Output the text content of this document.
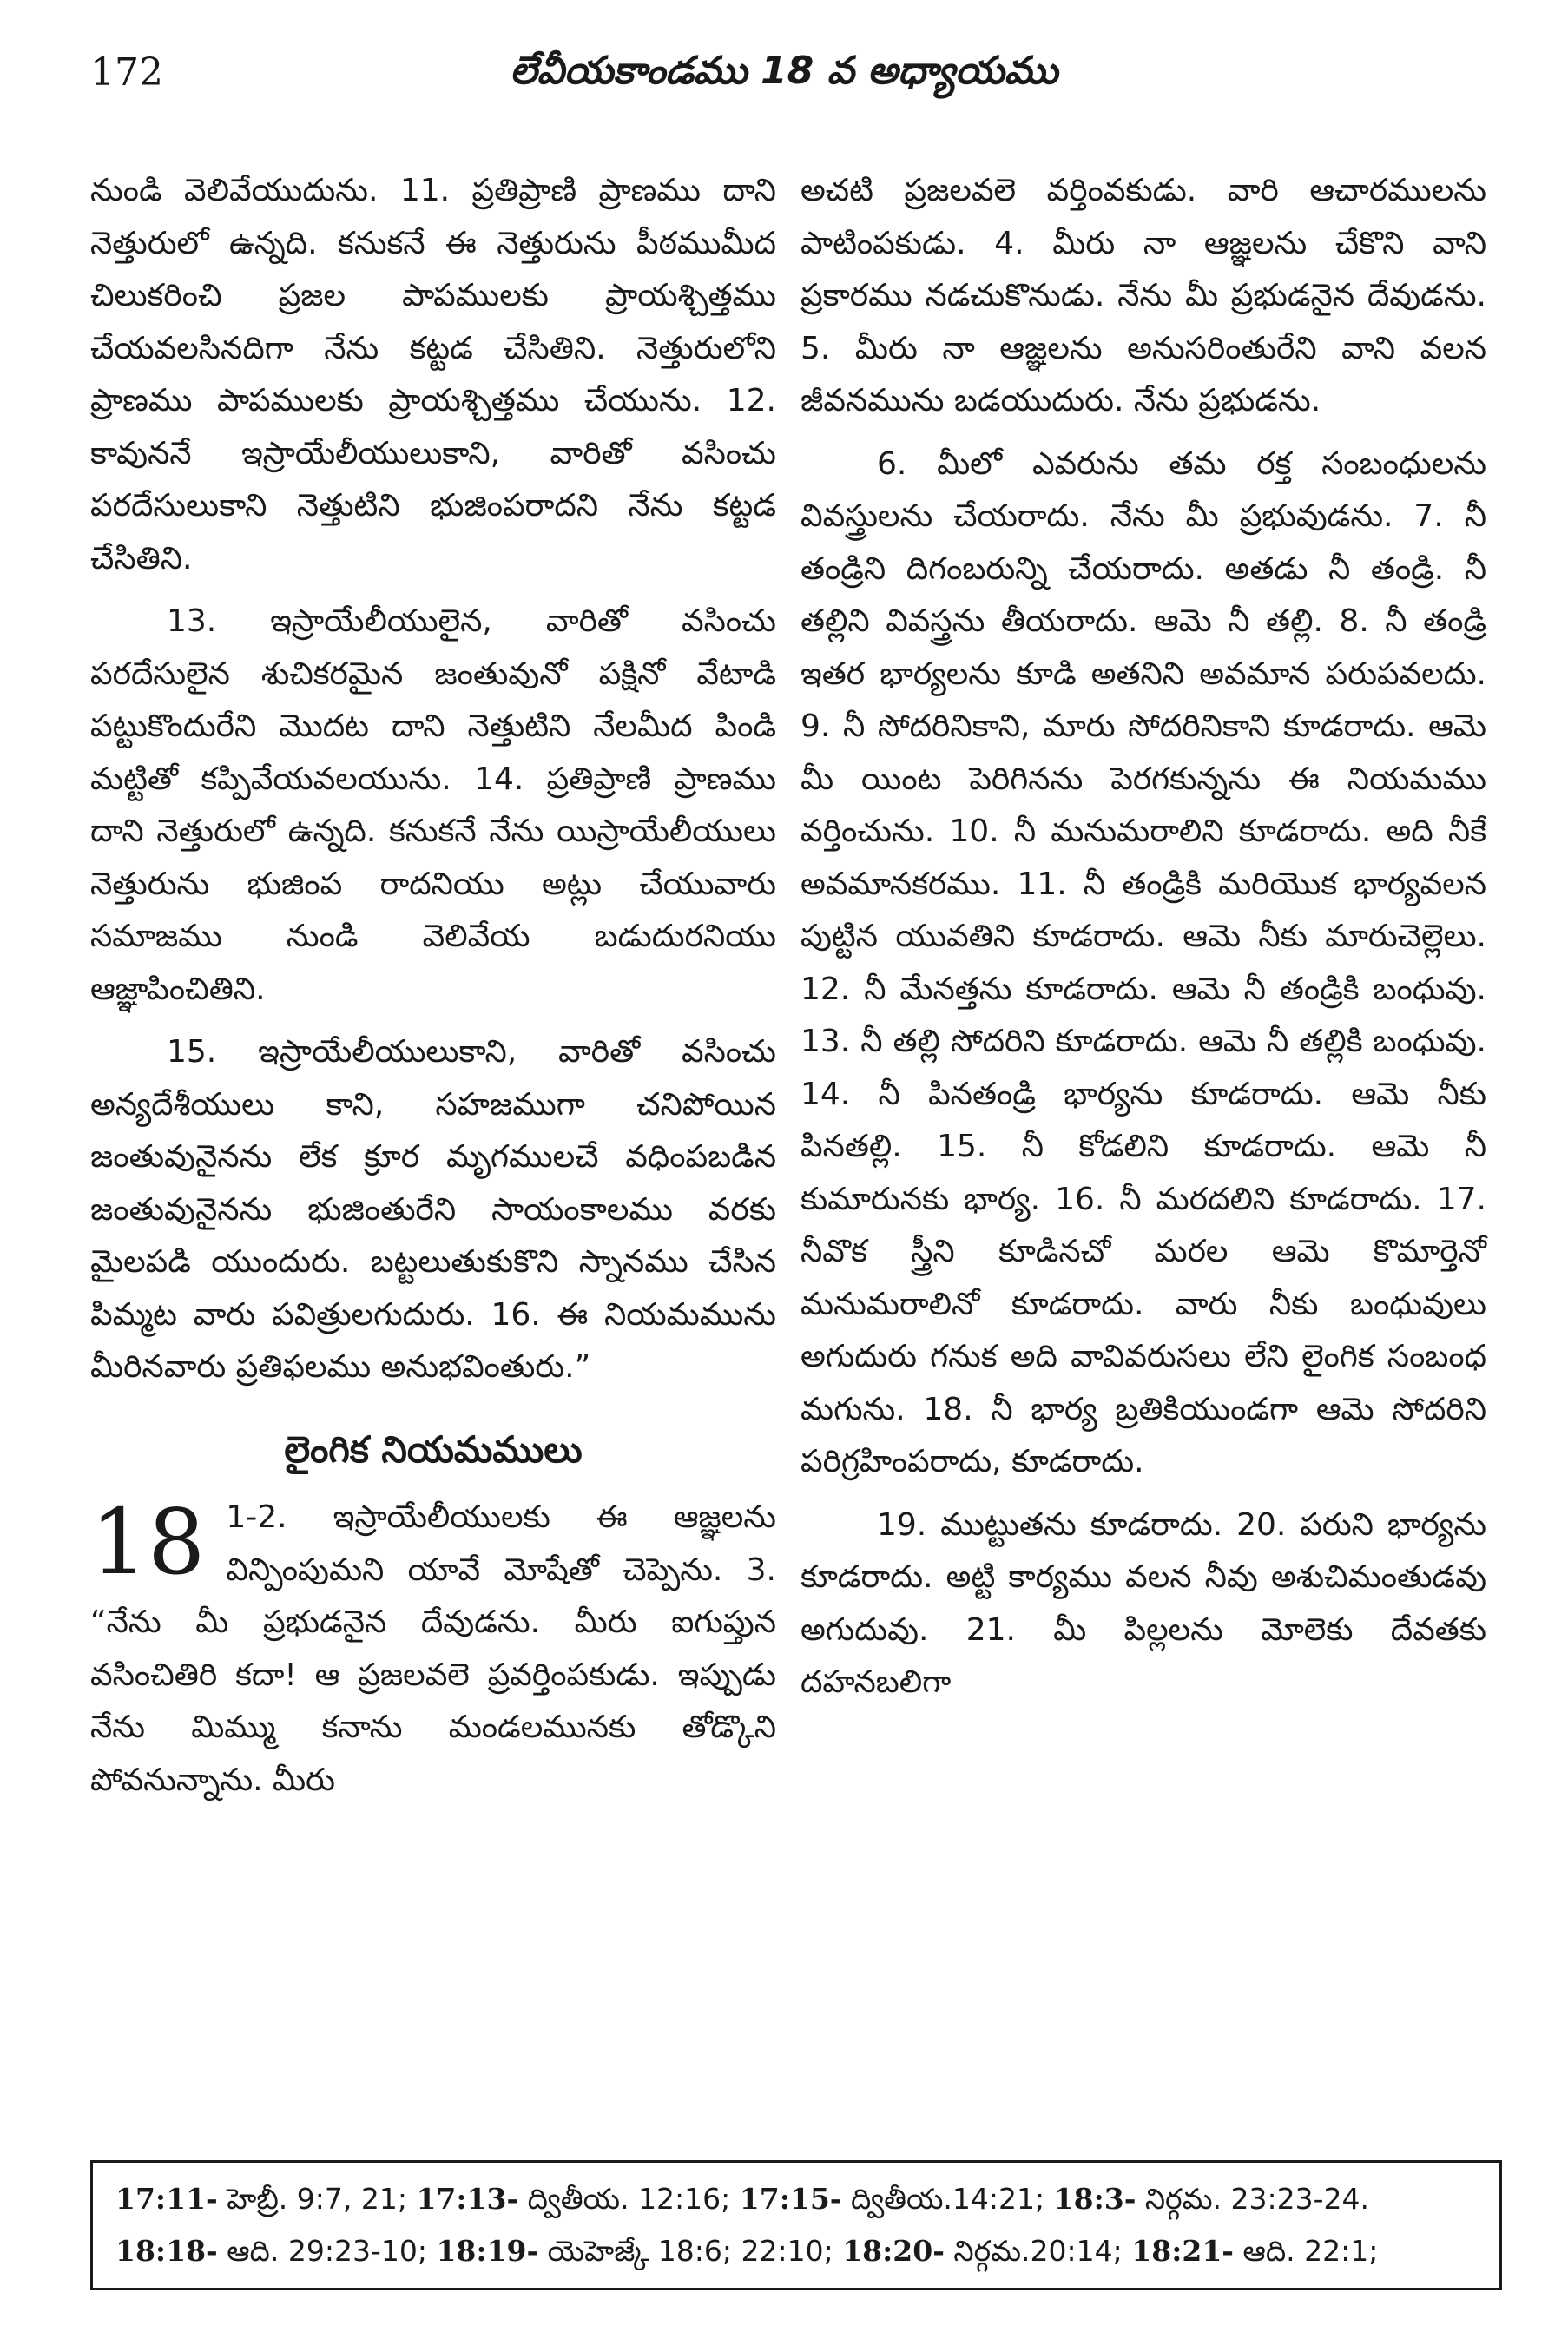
172	లేవీయకాండము 18 వ అధ్యాయము

నుండి వెలివేయుదును. 11. ప్రతిప్రాణి ప్రాణము దాని నెత్తురులో ఉన్నది. కనుకనే ఈ నెత్తురును పీఠముమీద చిలుకరించి ప్రజల పాపములకు ప్రాయశ్చిత్తము చేయవలసినదిగా నేను కట్టడ చేసితిని. నెత్తురులోని ప్రాణము పాపములకు ప్రాయశ్చిత్తము చేయును. 12. కావుననే ఇస్రాయేలీయులుకాని, వారితో వసించు పరదేసులుకాని నెత్తుటిని భుజింపరాదని నేను కట్టడ చేసితిని.

13. ఇస్రాయేలీయులైన, వారితో వసించు పరదేసులైన శుచికరమైన జంతువునో పక్షినో వేటాడి పట్టుకొందురేని మొదట దాని నెత్తుటిని నేలమీద పిండి మట్టితో కప్పివేయవలయును. 14. ప్రతిప్రాణి ప్రాణము దాని నెత్తురులో ఉన్నది. కనుకనే నేను యిస్రాయేలీయులు నెత్తురును భుజింప రాదనియు అట్లు చేయువారు సమాజము నుండి వెలివేయ బడుదురనియు ఆజ్ఞాపించితిని.

15. ఇస్రాయేలీయులుకాని, వారితో వసించు అన్యదేశీయులు కాని, సహజముగా చనిపోయిన జంతువునైనను లేక క్రూర మృగములచే వధింపబడిన జంతువునైనను భుజింతురేని సాయంకాలము వరకు మైలపడి యుందురు. బట్టలుతుకుకొని స్నానము చేసిన పిమ్మట వారు పవిత్రులగుదురు. 16. ఈ నియమమును మీరినవారు ప్రతిఫలము అనుభవింతురు.”

లైంగిక నియమములు
18 1-2. ఇస్రాయేలీయులకు ఈ ఆజ్ఞలను విన్పింపుమని యావే మోషేతో చెప్పెను. 3. “నేను మీ ప్రభుడనైన దేవుడను. మీరు ఐగుప్తున వసించితిరి కదా! ఆ ప్రజలవలె ప్రవర్తింపకుడు. ఇప్పుడు నేను మిమ్ము కనాను మండలమునకు తోడ్కొని పోవనున్నాను. మీరు

అచటి ప్రజలవలె వర్తింవకుడు. వారి ఆచారములను పాటింపకుడు. 4. మీరు నా ఆజ్ఞలను చేకొని వాని ప్రకారము నడచుకొనుడు. నేను మీ ప్రభుడనైన దేవుడను. 5. మీరు నా ఆజ్ఞలను అనుసరింతురేని వాని వలన జీవనమును బడయుదురు. నేను ప్రభుడను.

6. మీలో ఎవరును తమ రక్త సంబంధులను వివస్త్రులను చేయరాదు. నేను మీ ప్రభువుడను. 7. నీ తండ్రిని దిగంబరున్ని చేయరాదు. అతడు నీ తండ్రి. నీ తల్లిని వివస్త్రను తీయరాదు. ఆమె నీ తల్లి. 8. నీ తండ్రి ఇతర భార్యలను కూడి అతనిని అవమాన పరుపవలదు. 9. నీ సోదరినికాని, మారు సోదరినికాని కూడరాదు. ఆమె మీ యింట పెరిగినను పెరగకున్నను ఈ నియమము వర్తించును. 10. నీ మనుమరాలిని కూడరాదు. అది నీకే అవమానకరము. 11. నీ తండ్రికి మరియొక భార్యవలన పుట్టిన యువతిని కూడరాదు. ఆమె నీకు మారుచెల్లెలు. 12. నీ మేనత్తను కూడరాదు. ఆమె నీ తండ్రికి బంధువు. 13. నీ తల్లి సోదరిని కూడరాదు. ఆమె నీ తల్లికి బంధువు. 14. నీ పినతండ్రి భార్యను కూడరాదు. ఆమె నీకు పినతల్లి. 15. నీ కోడలిని కూడరాదు. ఆమె నీ కుమారునకు భార్య. 16. నీ మరదలిని కూడరాదు. 17. నీవొక స్త్రీని కూడినచో మరల ఆమె కొమార్తెనో మనుమరాలినో కూడరాదు. వారు నీకు బంధువులు అగుదురు గనుక అది వావివరుసలు లేని లైంగిక సంబంధ మగును. 18. నీ భార్య బ్రతికియుండగా ఆమె సోదరిని పరిగ్రహింపరాదు, కూడరాదు.

19. ముట్టుతను కూడరాదు. 20. పరుని భార్యను కూడరాదు. అట్టి కార్యము వలన నీవు అశుచిమంతుడవు అగుదువు. 21. మీ పిల్లలను మోలెకు దేవతకు దహనబలిగా

17:11- హెబ్రీ. 9:7, 21; 17:13- ద్వితీయ. 12:16; 17:15- ద్వితీయ.14:21; 18:3- నిర్గమ. 23:23-24.

18:18- ఆది. 29:23-10; 18:19- యెహెజ్కే 18:6; 22:10; 18:20- నిర్గమ.20:14; 18:21- ఆది. 22:1;
